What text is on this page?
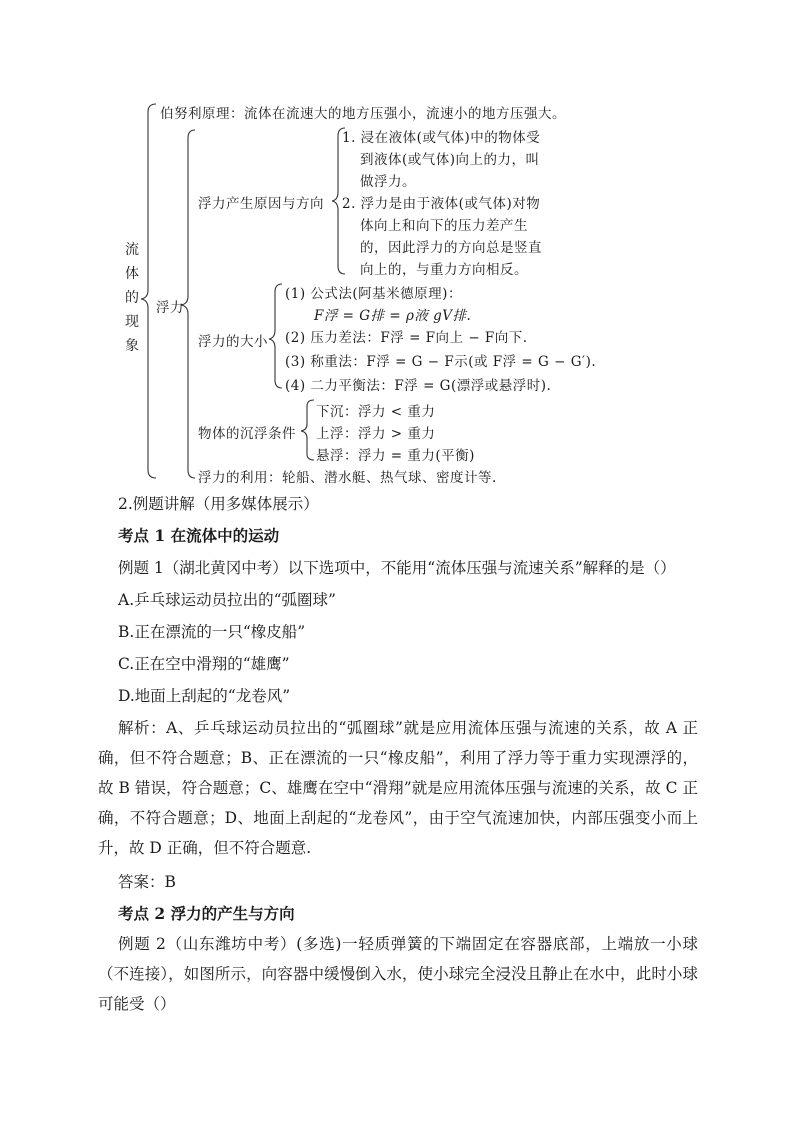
流
体
的
现
象
伯努利原理：流体在流速大的地方压强小，流速小的地方压强大。
浮力
浮力产生原因与方向
1. 浸在液体(或气体)中的物体受
到液体(或气体)向上的力，叫
做浮力。
2. 浮力是由于液体(或气体)对物
体向上和向下的压力差产生
的，因此浮力的方向总是竖直
向上的，与重力方向相反。
浮力的大小
(1) 公式法(阿基米德原理)：
F浮 = G排 = ρ液 gV排.
(2) 压力差法：F浮 = F向上 − F向下.
(3) 称重法：F浮 = G − F示(或 F浮 = G − G′).
(4) 二力平衡法：F浮 = G(漂浮或悬浮时).
物体的沉浮条件
下沉：浮力 < 重力
上浮：浮力 > 重力
悬浮：浮力 = 重力(平衡)
浮力的利用：轮船、潜水艇、热气球、密度计等.
2.例题讲解（用多媒体展示）
考点 1 在流体中的运动
例题 1（湖北黄冈中考）以下选项中，不能用“流体压强与流速关系”解释的是（）
A.乒乓球运动员拉出的“弧圈球”
B.正在漂流的一只“橡皮船”
C.正在空中滑翔的“雄鹰”
D.地面上刮起的“龙卷风”
解析：A、乒乓球运动员拉出的“弧圈球”就是应用流体压强与流速的关系，故 A 正确，但不符合题意；B、正在漂流的一只“橡皮船”，利用了浮力等于重力实现漂浮的，故 B 错误，符合题意；C、雄鹰在空中“滑翔”就是应用流体压强与流速的关系，故 C 正确，不符合题意；D、地面上刮起的“龙卷风”，由于空气流速加快，内部压强变小而上升，故 D 正确，但不符合题意.
答案：B
考点 2 浮力的产生与方向
例题 2（山东潍坊中考）(多选)一轻质弹簧的下端固定在容器底部，上端放一小球（不连接），如图所示，向容器中缓慢倒入水，使小球完全浸没且静止在水中，此时小球可能受（）
